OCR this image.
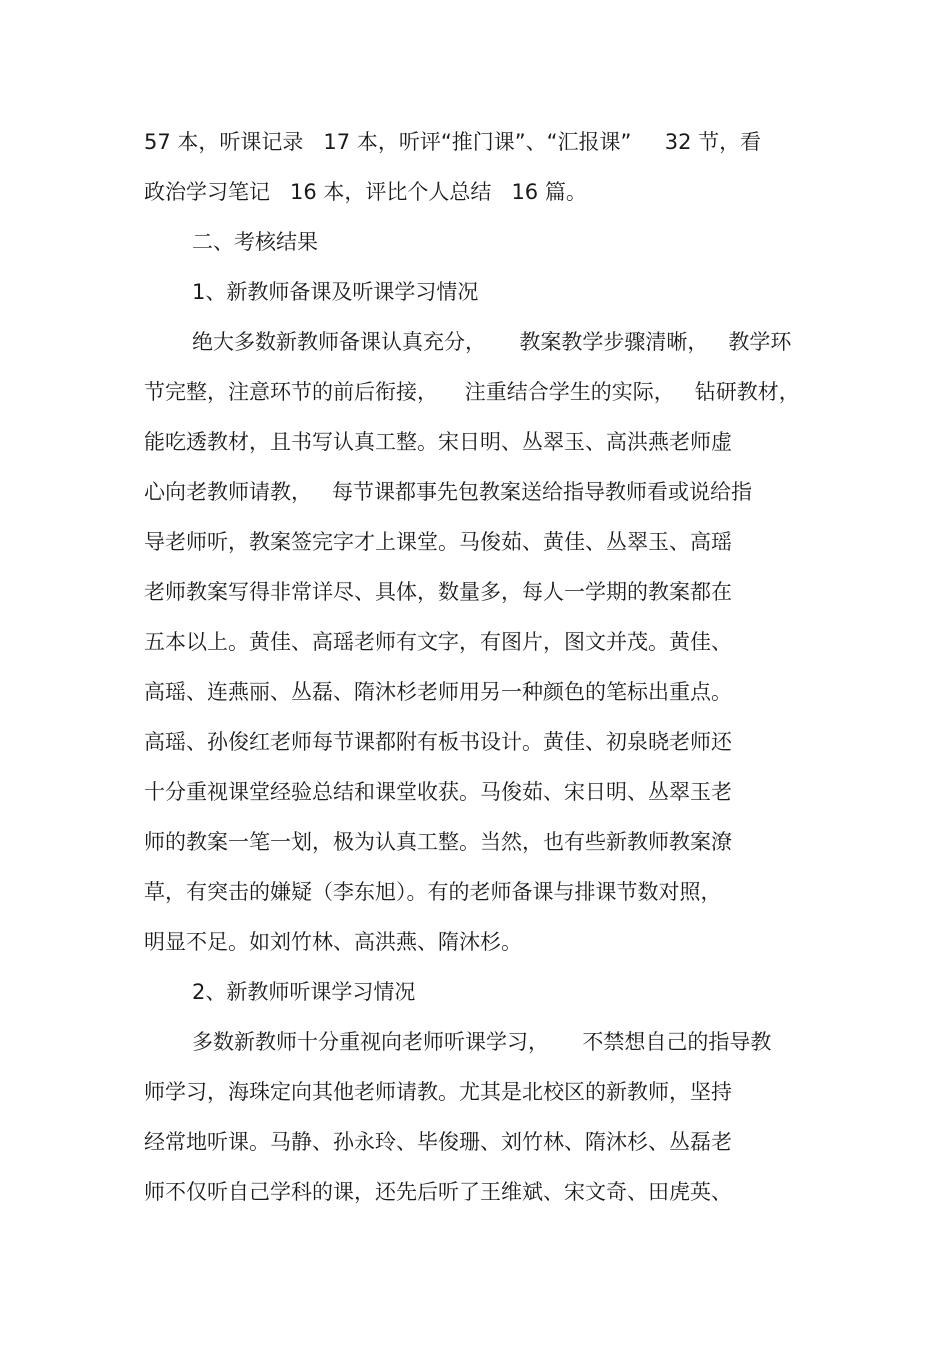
57 本，听课记录   17 本，听评“推门课”、“汇报课”     32 节，看
政治学习笔记   16 本，评比个人总结   16 篇。
二、考核结果
1、新教师备课及听课学习情况
绝大多数新教师备课认真充分，     教案教学步骤清晰，   教学环
节完整，注意环节的前后衔接，    注重结合学生的实际，   钻研教材，
能吃透教材，且书写认真工整。宋日明、丛翠玉、高洪燕老师虚
心向老教师请教，   每节课都事先包教案送给指导教师看或说给指
导老师听，教案签完字才上课堂。马俊茹、黄佳、丛翠玉、高瑶
老师教案写得非常详尽、具体，数量多，每人一学期的教案都在
五本以上。黄佳、高瑶老师有文字，有图片，图文并茂。黄佳、
高瑶、连燕丽、丛磊、隋沐杉老师用另一种颜色的笔标出重点。
高瑶、孙俊红老师每节课都附有板书设计。黄佳、初泉晓老师还
十分重视课堂经验总结和课堂收获。马俊茹、宋日明、丛翠玉老
师的教案一笔一划，极为认真工整。当然，也有些新教师教案潦
草，有突击的嫌疑（李东旭）。有的老师备课与排课节数对照，
明显不足。如刘竹林、高洪燕、隋沐杉。
2、新教师听课学习情况
多数新教师十分重视向老师听课学习，     不禁想自己的指导教
师学习，海珠定向其他老师请教。尤其是北校区的新教师，坚持
经常地听课。马静、孙永玲、毕俊珊、刘竹林、隋沐杉、丛磊老
师不仅听自己学科的课，还先后听了王维斌、宋文奇、田虎英、
